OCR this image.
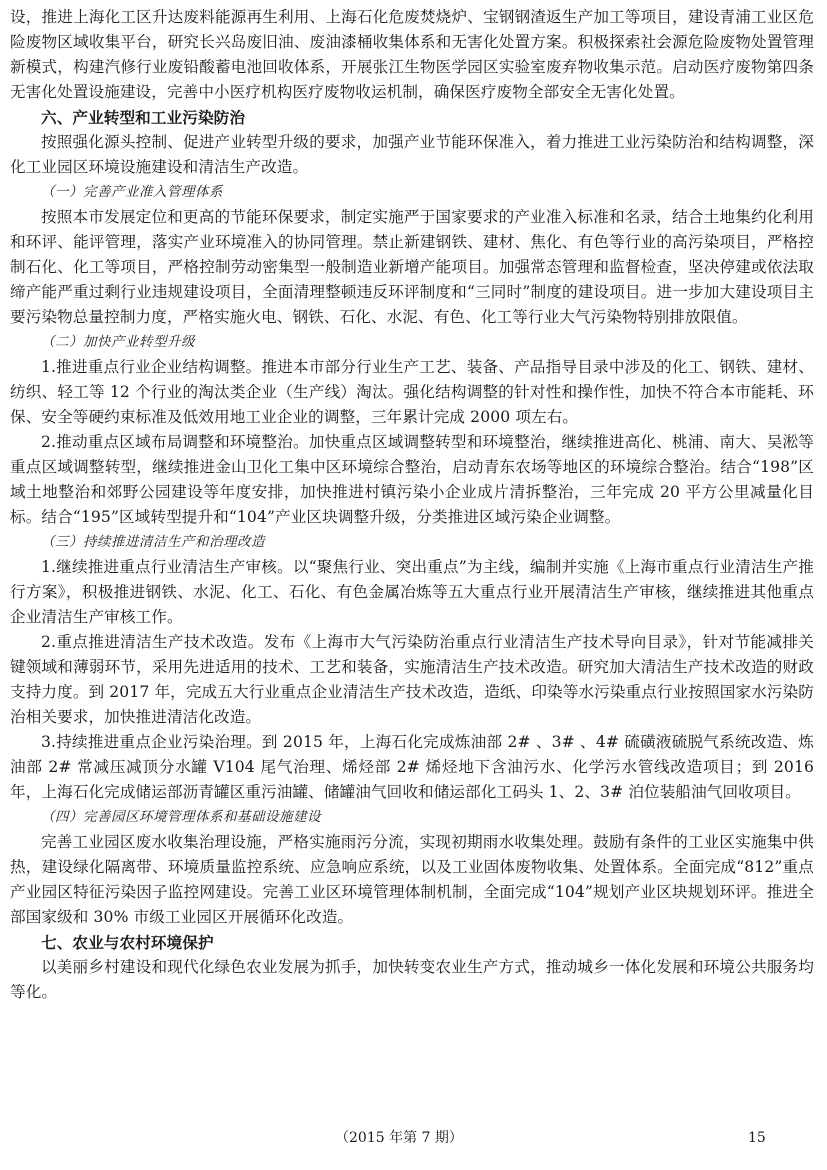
设，推进上海化工区升达废料能源再生利用、上海石化危废焚烧炉、宝钢钢渣返生产加工等项目，建设青浦工业区危险废物区域收集平台，研究长兴岛废旧油、废油漆桶收集体系和无害化处置方案。积极探索社会源危险废物处置管理新模式，构建汽修行业废铅酸蓄电池回收体系，开展张江生物医学园区实验室废弃物收集示范。启动医疗废物第四条无害化处置设施建设，完善中小医疗机构医疗废物收运机制，确保医疗废物全部安全无害化处置。

六、产业转型和工业污染防治

按照强化源头控制、促进产业转型升级的要求，加强产业节能环保准入，着力推进工业污染防治和结构调整，深化工业园区环境设施建设和清洁生产改造。

（一）完善产业准入管理体系

按照本市发展定位和更高的节能环保要求，制定实施严于国家要求的产业准入标准和名录，结合土地集约化利用和环评、能评管理，落实产业环境准入的协同管理。禁止新建钢铁、建材、焦化、有色等行业的高污染项目，严格控制石化、化工等项目，严格控制劳动密集型一般制造业新增产能项目。加强常态管理和监督检查，坚决停建或依法取缔产能严重过剩行业违规建设项目，全面清理整顿违反环评制度和“三同时”制度的建设项目。进一步加大建设项目主要污染物总量控制力度，严格实施火电、钢铁、石化、水泥、有色、化工等行业大气污染物特别排放限值。

（二）加快产业转型升级

1.推进重点行业企业结构调整。推进本市部分行业生产工艺、装备、产品指导目录中涉及的化工、钢铁、建材、纺织、轻工等 12 个行业的淘汰类企业（生产线）淘汰。强化结构调整的针对性和操作性，加快不符合本市能耗、环保、安全等硬约束标准及低效用地工业企业的调整，三年累计完成 2000 项左右。

2.推动重点区域布局调整和环境整治。加快重点区域调整转型和环境整治，继续推进高化、桃浦、南大、吴淞等重点区域调整转型，继续推进金山卫化工集中区环境综合整治，启动青东农场等地区的环境综合整治。结合“198”区域土地整治和郊野公园建设等年度安排，加快推进村镇污染小企业成片清拆整治，三年完成 20 平方公里减量化目标。结合“195”区域转型提升和“104”产业区块调整升级，分类推进区域污染企业调整。

（三）持续推进清洁生产和治理改造

1.继续推进重点行业清洁生产审核。以“聚焦行业、突出重点”为主线，编制并实施《上海市重点行业清洁生产推行方案》，积极推进钢铁、水泥、化工、石化、有色金属冶炼等五大重点行业开展清洁生产审核，继续推进其他重点企业清洁生产审核工作。

2.重点推进清洁生产技术改造。发布《上海市大气污染防治重点行业清洁生产技术导向目录》，针对节能减排关键领域和薄弱环节，采用先进适用的技术、工艺和装备，实施清洁生产技术改造。研究加大清洁生产技术改造的财政支持力度。到 2017 年，完成五大行业重点企业清洁生产技术改造，造纸、印染等水污染重点行业按照国家水污染防治相关要求，加快推进清洁化改造。

3.持续推进重点企业污染治理。到 2015 年，上海石化完成炼油部 2# 、3# 、4# 硫磺液硫脱气系统改造、炼油部 2# 常减压减顶分水罐 V104 尾气治理、烯烃部 2# 烯烃地下含油污水、化学污水管线改造项目；到 2016 年，上海石化完成储运部沥青罐区重污油罐、储罐油气回收和储运部化工码头 1、2、3# 泊位装船油气回收项目。

（四）完善园区环境管理体系和基础设施建设

完善工业园区废水收集治理设施，严格实施雨污分流，实现初期雨水收集处理。鼓励有条件的工业区实施集中供热，建设绿化隔离带、环境质量监控系统、应急响应系统，以及工业固体废物收集、处置体系。全面完成“812”重点产业园区特征污染因子监控网建设。完善工业区环境管理体制机制，全面完成“104”规划产业区块规划环评。推进全部国家级和 30% 市级工业园区开展循环化改造。

七、农业与农村环境保护

以美丽乡村建设和现代化绿色农业发展为抓手，加快转变农业生产方式，推动城乡一体化发展和环境公共服务均等化。

（2015 年第 7 期）	15
